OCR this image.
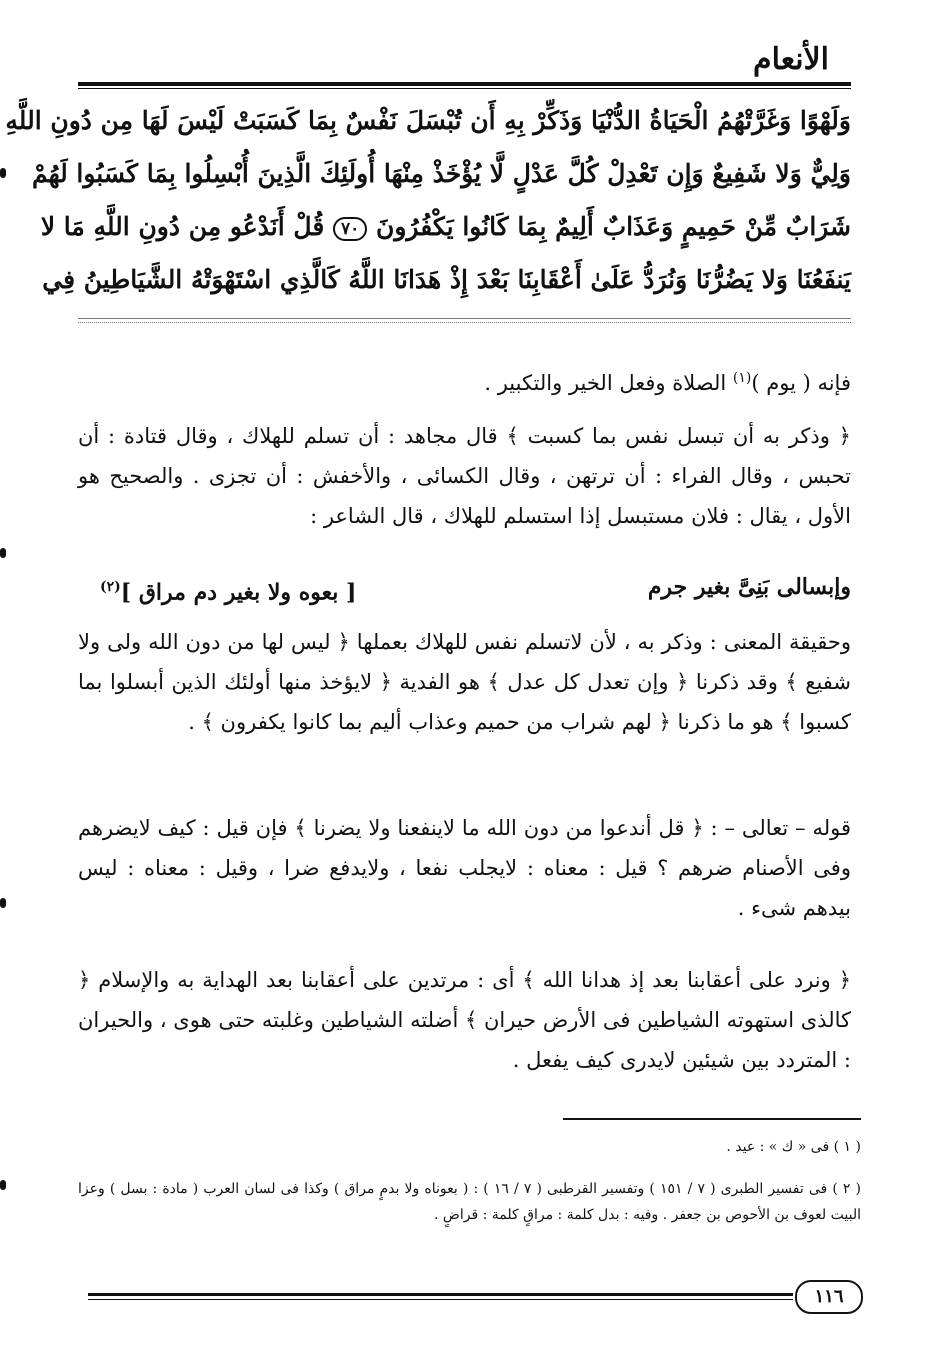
الأنعام
وَلَهْوًا وَغَرَّتْهُمُ الْحَيَاةُ الدُّنْيَا وَذَكِّرْ بِهِ أَن تُبْسَلَ نَفْسٌ بِمَا كَسَبَتْ لَيْسَ لَهَا مِن دُونِ اللَّهِ
وَلِيٌّ وَلا شَفِيعٌ وَإِن تَعْدِلْ كُلَّ عَدْلٍ لَّا يُؤْخَذْ مِنْهَا أُولَئِكَ الَّذِينَ أُبْسِلُوا بِمَا كَسَبُوا لَهُمْ
شَرَابٌ مِّنْ حَمِيمٍ وَعَذَابٌ أَلِيمٌ بِمَا كَانُوا يَكْفُرُونَ ٧٠ قُلْ أَنَدْعُو مِن دُونِ اللَّهِ مَا لا
يَنفَعُنَا وَلا يَضُرُّنَا وَنُرَدُّ عَلَىٰ أَعْقَابِنَا بَعْدَ إِذْ هَدَانَا اللَّهُ كَالَّذِي اسْتَهْوَتْهُ الشَّيَاطِينُ فِي
فإنه ( يوم )$^{(١)}$ الصلاة وفعل الخير والتكبير .
﴿ وذكر به أن تبسل نفس بما كسبت ﴾ قال مجاهد : أن تسلم للهلاك ، وقال قتادة : أن تحبس ، وقال الفراء : أن ترتهن ، وقال الكسائى ، والأخفش : أن تجزى . والصحيح هو الأول ، يقال : فلان مستبسل إذا استسلم للهلاك ، قال الشاعر :
وإبسالى بَنِىَّ بغير جرم
[ بعوه ولا بغير دم مراق ]$^{(٢)}$
وحقيقة المعنى : وذكر به ، لأن لاتسلم نفس للهلاك بعملها ﴿ ليس لها من دون الله ولى ولا شفيع ﴾ وقد ذكرنا ﴿ وإن تعدل كل عدل ﴾ هو الفدية ﴿ لايؤخذ منها أولئك الذين أبسلوا بما كسبوا ﴾ هو ما ذكرنا ﴿ لهم شراب من حميم وعذاب أليم بما كانوا يكفرون ﴾ .
قوله – تعالى – : ﴿ قل أندعوا من دون الله ما لاينفعنا ولا يضرنا ﴾ فإن قيل : كيف لايضرهم وفى الأصنام ضرهم ؟ قيل : معناه : لايجلب نفعا ، ولايدفع ضرا ، وقيل : معناه : ليس بيدهم شىء .
﴿ ونرد على أعقابنا بعد إذ هدانا الله ﴾ أى : مرتدين على أعقابنا بعد الهداية به والإسلام ﴿ كالذى استهوته الشياطين فى الأرض حيران ﴾ أضلته الشياطين وغلبته حتى هوى ، والحيران : المتردد بين شيئين لايدرى كيف يفعل .
( ١ ) فى « ك » : عيد .
( ٢ ) فى تفسير الطبرى ( ٧ / ١٥١ ) وتفسير القرطبى ( ٧ / ١٦ ) : ( بعوناه ولا بدمٍ مراق ) وكذا فى لسان العرب ( مادة : بسل ) وعزا البيت لعوف بن الأحوص بن جعفر . وفيه : بدل كلمة : مراقٍ كلمة : قراضٍ .
١١٦
